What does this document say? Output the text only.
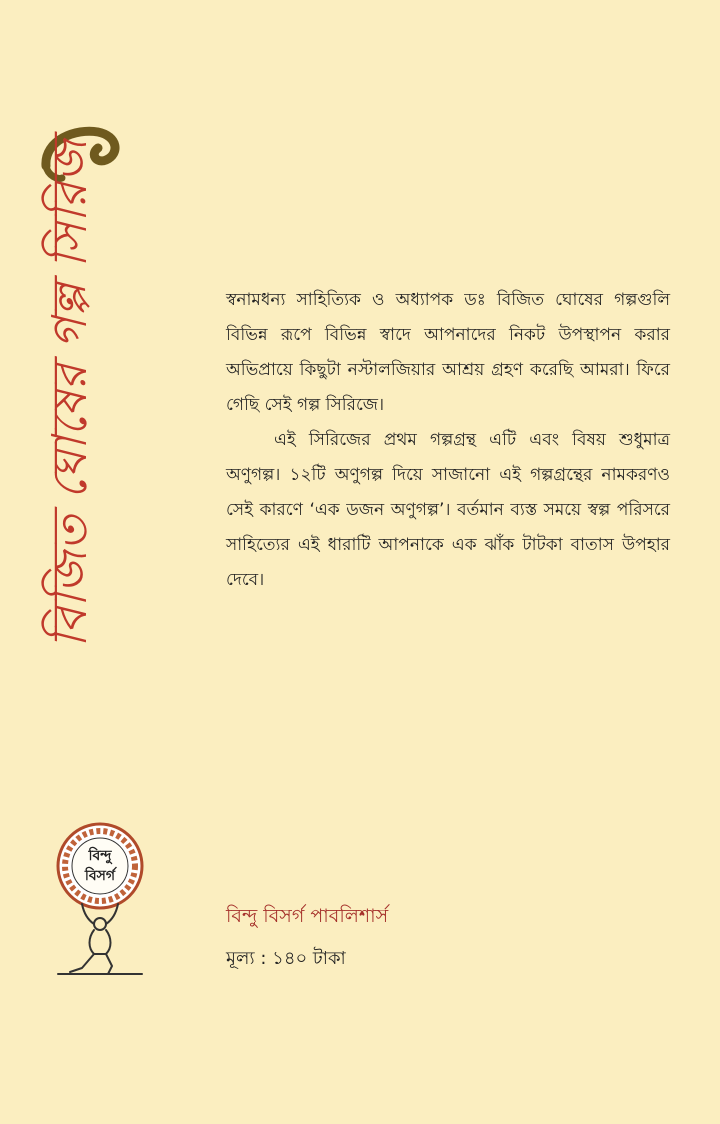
বিজিত ঘোষের গল্প সিরিজ	স্বনামধন্য সাহিত্যিক ও অধ্যাপক ডঃ বিজিত ঘোষের গল্পগুলি বিভিন্ন রূপে বিভিন্ন স্বাদে আপনাদের নিকট উপস্থাপন করার অভিপ্রায়ে কিছুটা নস্টালজিয়ার আশ্রয় গ্রহণ করেছি আমরা। ফিরে গেছি সেই গল্প সিরিজে।

এই সিরিজের প্রথম গল্পগ্রন্থ এটি এবং বিষয় শুধুমাত্র অণুগল্প। ১২টি অণুগল্প দিয়ে সাজানো এই গল্পগ্রন্থের নামকরণও সেই কারণে ‘এক ডজন অণুগল্প’। বর্তমান ব্যস্ত সময়ে স্বল্প পরিসরে সাহিত্যের এই ধারাটি আপনাকে এক ঝাঁক টাটকা বাতাস উপহার দেবে।

বিন্দু
বিসর্গ
বিন্দু বিসর্গ পাবলিশার্স
মূল্য : ১৪০ টাকা
